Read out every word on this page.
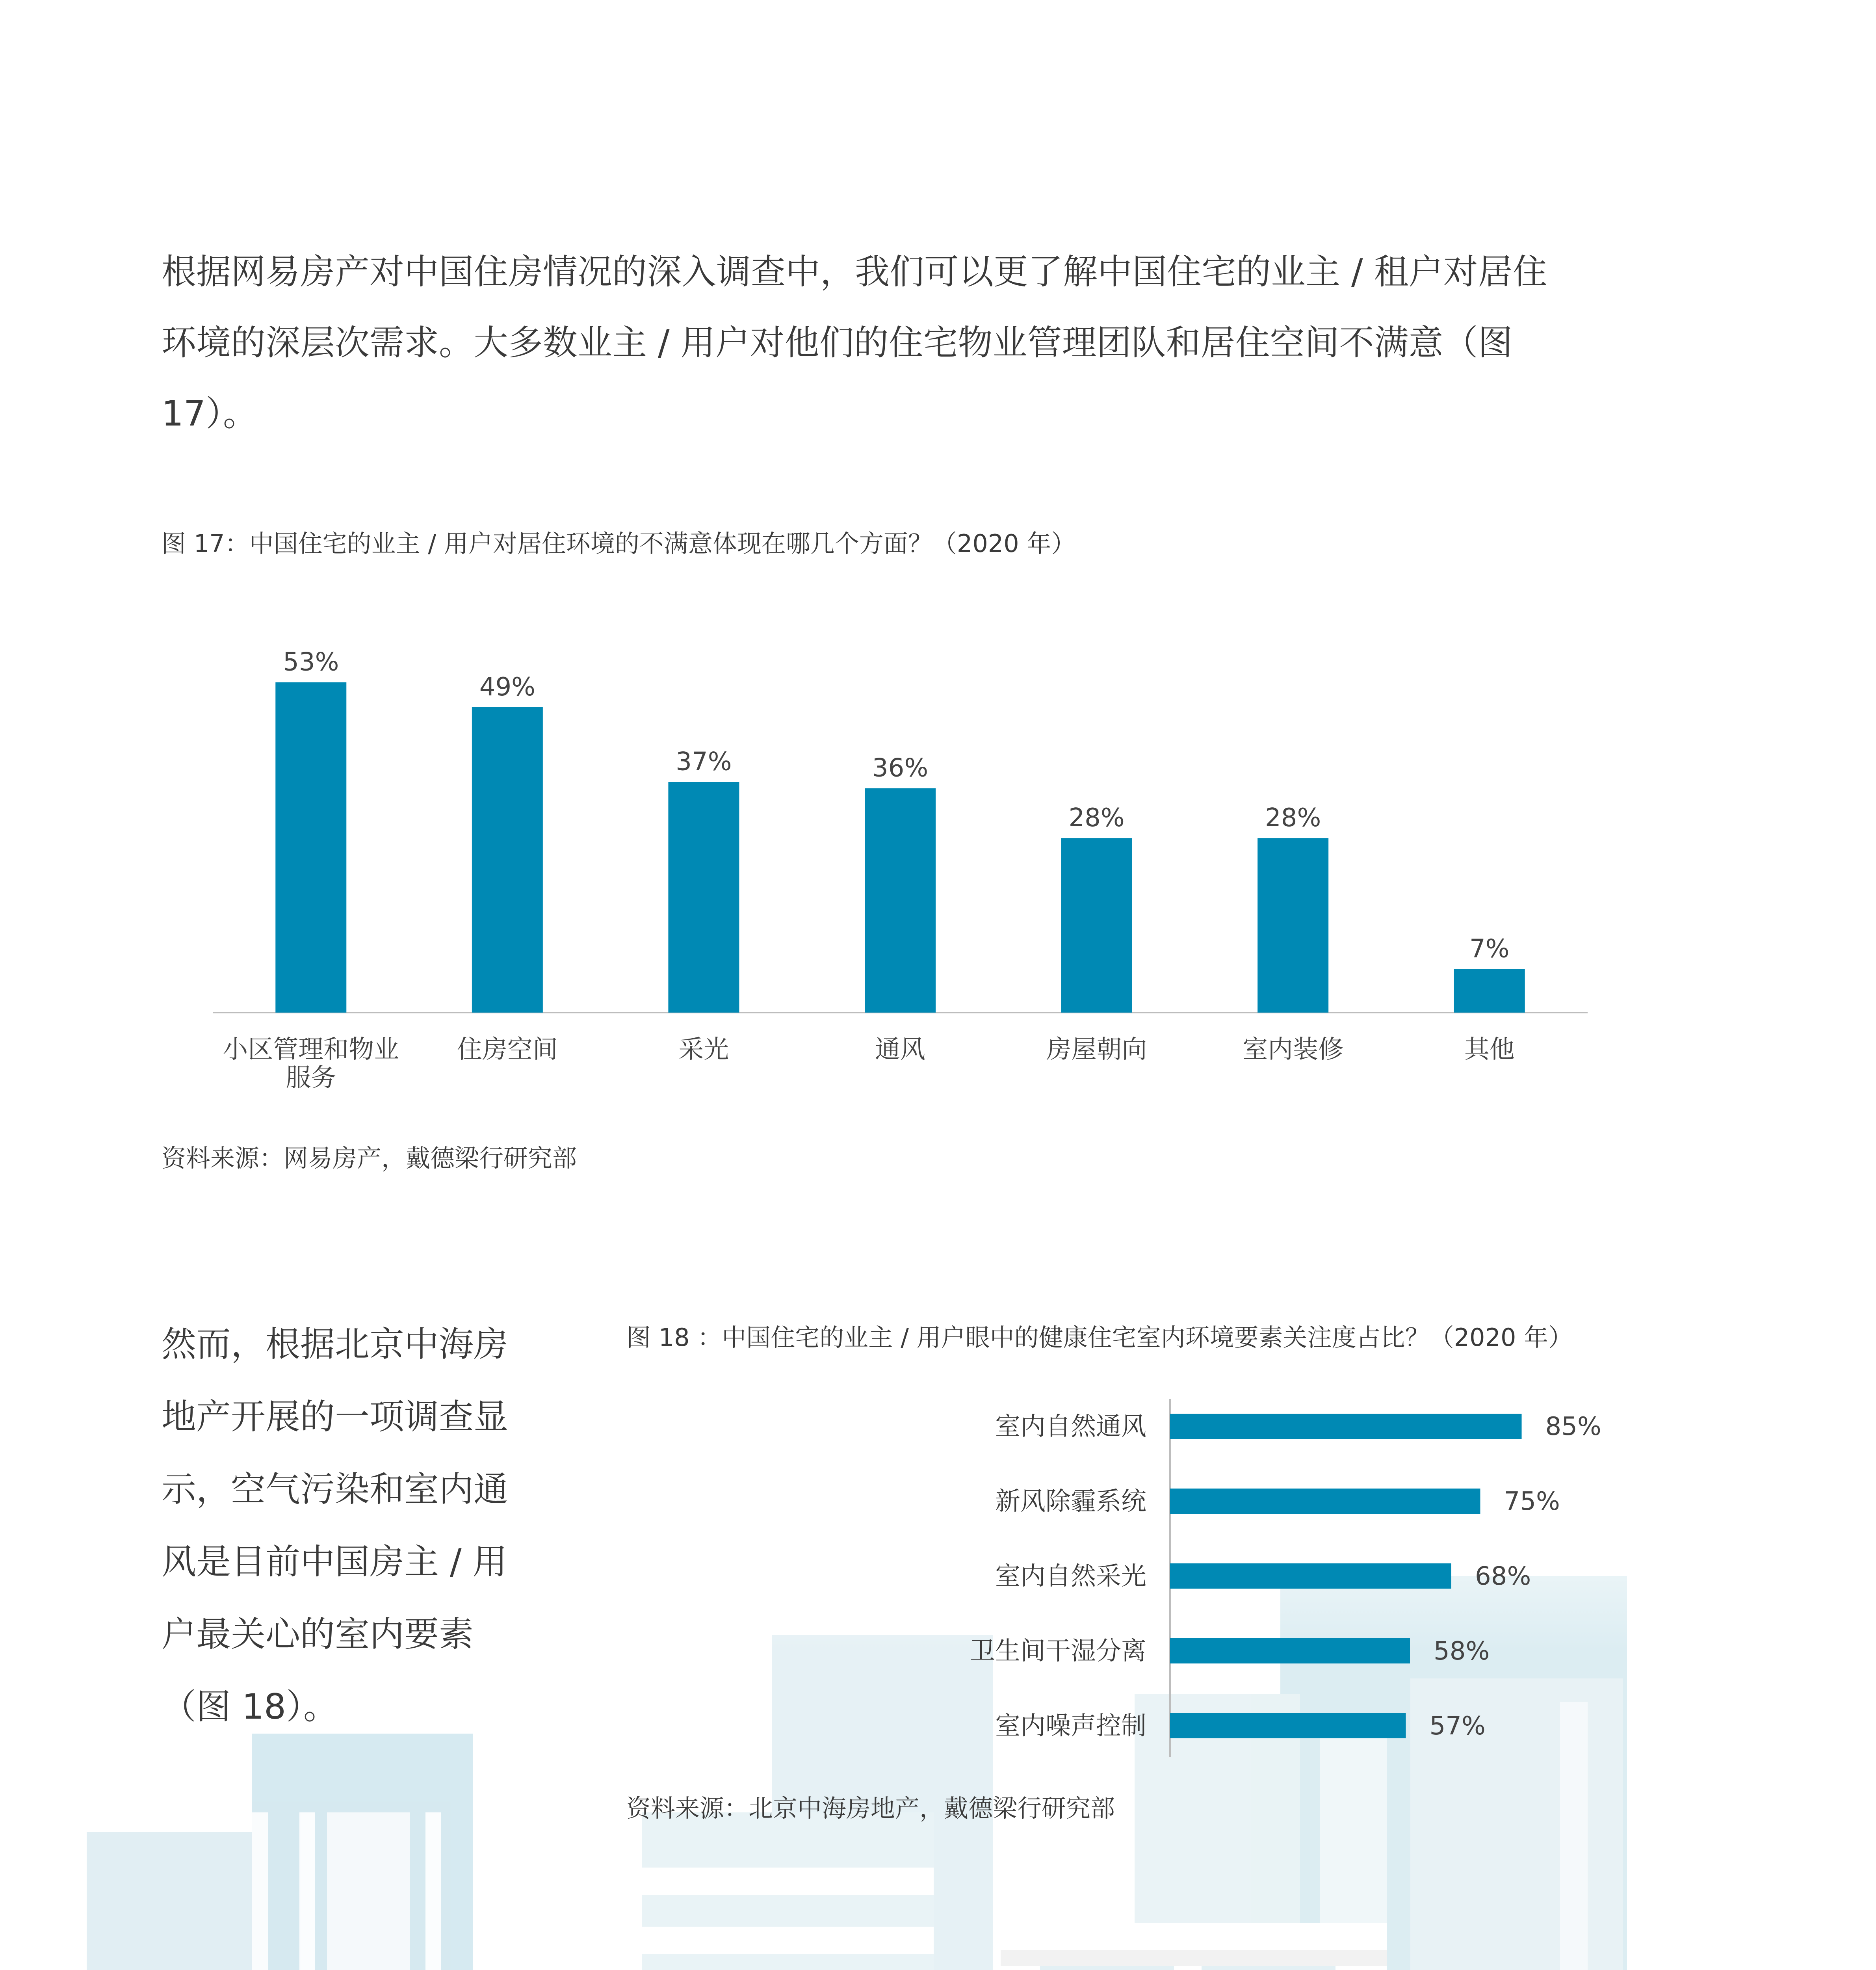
根据网易房产对中国住房情况的深入调查中，我们可以更了解中国住宅的业主 / 租户对居住环境的深层次需求。大多数业主 / 用户对他们的住宅物业管理团队和居住空间不满意（图 17）。

图 17：中国住宅的业主 / 用户对居住环境的不满意体现在哪几个方面？（2020 年）
53%
小区管理和物业
服务
49%
住房空间
37%
采光
36%
通风
28%
房屋朝向
28%
室内装修
7%
其他
资料来源：网易房产，戴德梁行研究部

然而，根据北京中海房地产开展的一项调查显示，空气污染和室内通风是目前中国房主 / 用户最关心的室内要素（图 18）。

图 18 ：中国住宅的业主 / 用户眼中的健康住宅室内环境要素关注度占比？（2020 年）
室内自然通风	85%
新风除霾系统	75%
室内自然采光	68%
卫生间干湿分离	58%
室内噪声控制	57%
资料来源：北京中海房地产，戴德梁行研究部
